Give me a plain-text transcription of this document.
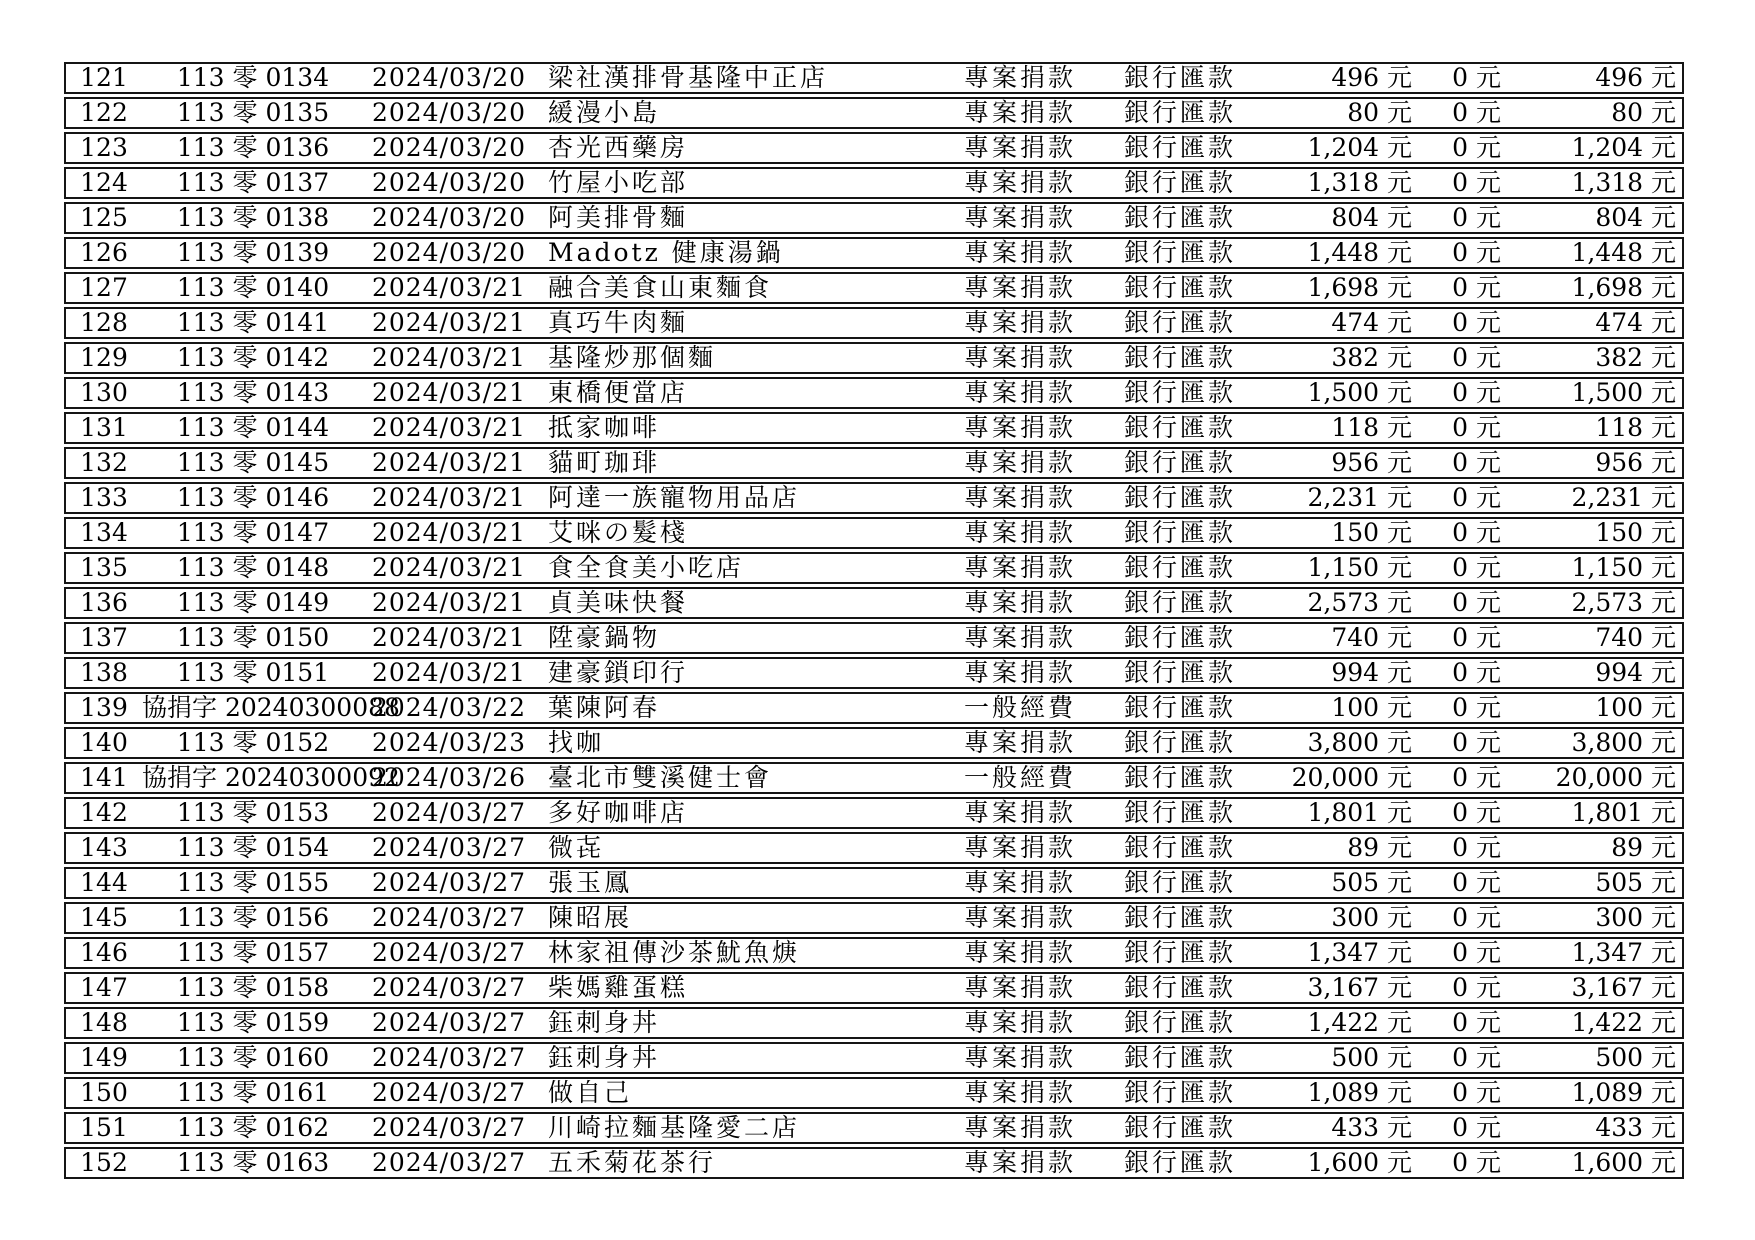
121	113 零 0134	2024/03/20	梁社漢排骨基隆中正店	專案捐款	銀行匯款	496 元	0 元	496 元
122	113 零 0135	2024/03/20	緩漫小島	專案捐款	銀行匯款	80 元	0 元	80 元
123	113 零 0136	2024/03/20	杏光西藥房	專案捐款	銀行匯款	1,204 元	0 元	1,204 元
124	113 零 0137	2024/03/20	竹屋小吃部	專案捐款	銀行匯款	1,318 元	0 元	1,318 元
125	113 零 0138	2024/03/20	阿美排骨麵	專案捐款	銀行匯款	804 元	0 元	804 元
126	113 零 0139	2024/03/20	Madotz 健康湯鍋	專案捐款	銀行匯款	1,448 元	0 元	1,448 元
127	113 零 0140	2024/03/21	融合美食山東麵食	專案捐款	銀行匯款	1,698 元	0 元	1,698 元
128	113 零 0141	2024/03/21	真巧牛肉麵	專案捐款	銀行匯款	474 元	0 元	474 元
129	113 零 0142	2024/03/21	基隆炒那個麵	專案捐款	銀行匯款	382 元	0 元	382 元
130	113 零 0143	2024/03/21	東橋便當店	專案捐款	銀行匯款	1,500 元	0 元	1,500 元
131	113 零 0144	2024/03/21	抵家咖啡	專案捐款	銀行匯款	118 元	0 元	118 元
132	113 零 0145	2024/03/21	貓町珈琲	專案捐款	銀行匯款	956 元	0 元	956 元
133	113 零 0146	2024/03/21	阿達一族寵物用品店	專案捐款	銀行匯款	2,231 元	0 元	2,231 元
134	113 零 0147	2024/03/21	艾咪の髮棧	專案捐款	銀行匯款	150 元	0 元	150 元
135	113 零 0148	2024/03/21	食全食美小吃店	專案捐款	銀行匯款	1,150 元	0 元	1,150 元
136	113 零 0149	2024/03/21	貞美味快餐	專案捐款	銀行匯款	2,573 元	0 元	2,573 元
137	113 零 0150	2024/03/21	陞豪鍋物	專案捐款	銀行匯款	740 元	0 元	740 元
138	113 零 0151	2024/03/21	建豪鎖印行	專案捐款	銀行匯款	994 元	0 元	994 元
139	協捐字 20240300088	2024/03/22	葉陳阿春	一般經費	銀行匯款	100 元	0 元	100 元
140	113 零 0152	2024/03/23	找咖	專案捐款	銀行匯款	3,800 元	0 元	3,800 元
141	協捐字 20240300092	2024/03/26	臺北市雙溪健士會	一般經費	銀行匯款	20,000 元	0 元	20,000 元
142	113 零 0153	2024/03/27	多好咖啡店	專案捐款	銀行匯款	1,801 元	0 元	1,801 元
143	113 零 0154	2024/03/27	微㐂	專案捐款	銀行匯款	89 元	0 元	89 元
144	113 零 0155	2024/03/27	張玉鳳	專案捐款	銀行匯款	505 元	0 元	505 元
145	113 零 0156	2024/03/27	陳昭展	專案捐款	銀行匯款	300 元	0 元	300 元
146	113 零 0157	2024/03/27	林家祖傳沙茶魷魚焿	專案捐款	銀行匯款	1,347 元	0 元	1,347 元
147	113 零 0158	2024/03/27	柴媽雞蛋糕	專案捐款	銀行匯款	3,167 元	0 元	3,167 元
148	113 零 0159	2024/03/27	鈺刺身丼	專案捐款	銀行匯款	1,422 元	0 元	1,422 元
149	113 零 0160	2024/03/27	鈺刺身丼	專案捐款	銀行匯款	500 元	0 元	500 元
150	113 零 0161	2024/03/27	做自己	專案捐款	銀行匯款	1,089 元	0 元	1,089 元
151	113 零 0162	2024/03/27	川崎拉麵基隆愛二店	專案捐款	銀行匯款	433 元	0 元	433 元
152	113 零 0163	2024/03/27	五禾菊花茶行	專案捐款	銀行匯款	1,600 元	0 元	1,600 元
